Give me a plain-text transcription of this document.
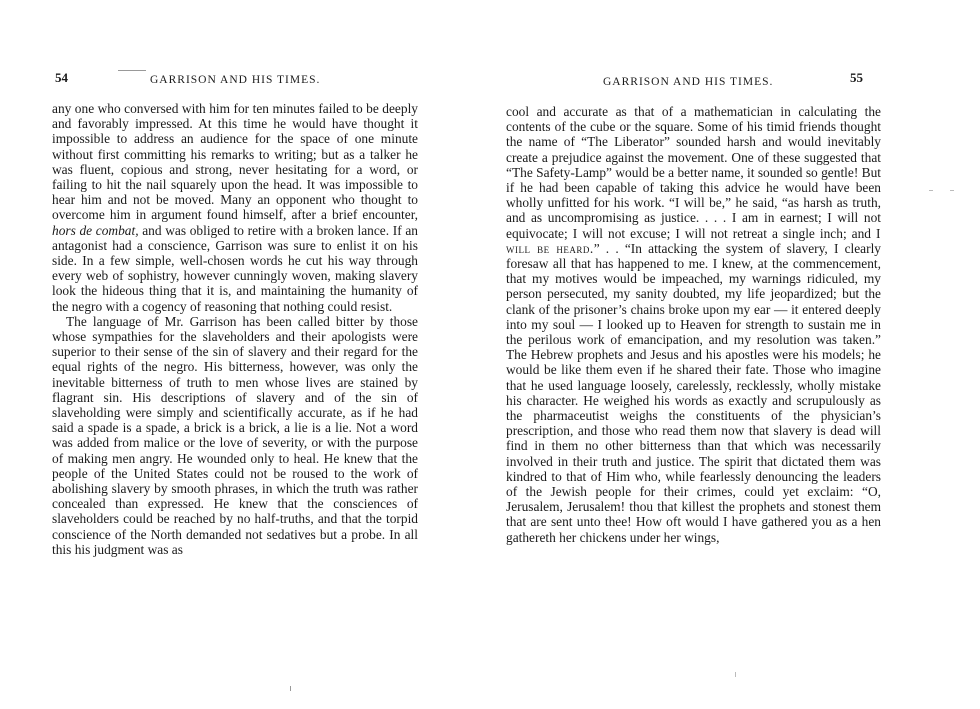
54	GARRISON AND HIS TIMES.

any one who conversed with him for ten minutes failed to be deeply and favorably impressed. At this time he would have thought it impossible to address an audience for the space of one minute without first committing his remarks to writing; but as a talker he was fluent, copious and strong, never hesitating for a word, or failing to hit the nail squarely upon the head. It was impossible to hear him and not be moved. Many an opponent who thought to overcome him in argument found himself, after a brief encounter, hors de combat, and was obliged to retire with a broken lance. If an antagonist had a conscience, Garrison was sure to enlist it on his side. In a few simple, well-chosen words he cut his way through every web of sophistry, however cunningly woven, making slavery look the hideous thing that it is, and maintaining the humanity of the negro with a cogency of reasoning that nothing could resist.

The language of Mr. Garrison has been called bitter by those whose sympathies for the slaveholders and their apologists were superior to their sense of the sin of slavery and their regard for the equal rights of the negro. His bitterness, however, was only the inevitable bitterness of truth to men whose lives are stained by flagrant sin. His descriptions of slavery and of the sin of slaveholding were simply and scientifically accurate, as if he had said a spade is a spade, a brick is a brick, a lie is a lie. Not a word was added from malice or the love of severity, or with the purpose of making men angry. He wounded only to heal. He knew that the people of the United States could not be roused to the work of abolishing slavery by smooth phrases, in which the truth was rather concealed than expressed. He knew that the consciences of slaveholders could be reached by no half-truths, and that the torpid conscience of the North demanded not sedatives but a probe. In all this his judgment was as

GARRISON AND HIS TIMES.	55

cool and accurate as that of a mathematician in calculating the contents of the cube or the square. Some of his timid friends thought the name of “The Liberator” sounded harsh and would inevitably create a prejudice against the movement. One of these suggested that “The Safety-Lamp” would be a better name, it sounded so gentle! But if he had been capable of taking this advice he would have been wholly unfitted for his work. “I will be,” he said, “as harsh as truth, and as uncompromising as justice. . . . I am in earnest; I will not equivocate; I will not excuse; I will not retreat a single inch; and I will be heard.” . . “In attacking the system of slavery, I clearly foresaw all that has happened to me. I knew, at the commencement, that my motives would be impeached, my warnings ridiculed, my person persecuted, my sanity doubted, my life jeopardized; but the clank of the prisoner’s chains broke upon my ear — it entered deeply into my soul — I looked up to Heaven for strength to sustain me in the perilous work of emancipation, and my resolution was taken.” The Hebrew prophets and Jesus and his apostles were his models; he would be like them even if he shared their fate. Those who imagine that he used language loosely, carelessly, recklessly, wholly mistake his character. He weighed his words as exactly and scrupulously as the pharmaceutist weighs the constituents of the physician’s prescription, and those who read them now that slavery is dead will find in them no other bitterness than that which was necessarily involved in their truth and justice. The spirit that dictated them was kindred to that of Him who, while fearlessly denouncing the leaders of the Jewish people for their crimes, could yet exclaim: “O, Jerusalem, Jerusalem! thou that killest the prophets and stonest them that are sent unto thee! How oft would I have gathered you as a hen gathereth her chickens under her wings,
